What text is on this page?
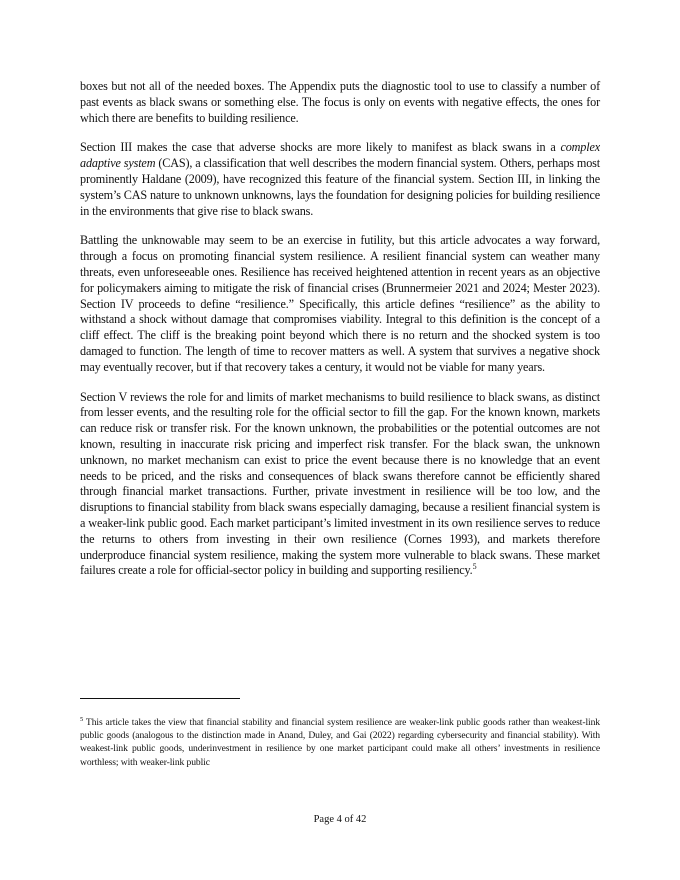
boxes but not all of the needed boxes. The Appendix puts the diagnostic tool to use to classify a number of past events as black swans or something else. The focus is only on events with negative effects, the ones for which there are benefits to building resilience.

Section III makes the case that adverse shocks are more likely to manifest as black swans in a complex adaptive system (CAS), a classification that well describes the modern financial system. Others, perhaps most prominently Haldane (2009), have recognized this feature of the financial system. Section III, in linking the system’s CAS nature to unknown unknowns, lays the foundation for designing policies for building resilience in the environments that give rise to black swans.

Battling the unknowable may seem to be an exercise in futility, but this article advocates a way forward, through a focus on promoting financial system resilience. A resilient financial system can weather many threats, even unforeseeable ones. Resilience has received heightened attention in recent years as an objective for policymakers aiming to mitigate the risk of financial crises (Brunnermeier 2021 and 2024; Mester 2023). Section IV proceeds to define “resilience.” Specifically, this article defines “resilience” as the ability to withstand a shock without damage that compromises viability. Integral to this definition is the concept of a cliff effect. The cliff is the breaking point beyond which there is no return and the shocked system is too damaged to function. The length of time to recover matters as well. A system that survives a negative shock may eventually recover, but if that recovery takes a century, it would not be viable for many years.

Section V reviews the role for and limits of market mechanisms to build resilience to black swans, as distinct from lesser events, and the resulting role for the official sector to fill the gap. For the known known, markets can reduce risk or transfer risk. For the known unknown, the probabilities or the potential outcomes are not known, resulting in inaccurate risk pricing and imperfect risk transfer. For the black swan, the unknown unknown, no market mechanism can exist to price the event because there is no knowledge that an event needs to be priced, and the risks and consequences of black swans therefore cannot be efficiently shared through financial market transactions. Further, private investment in resilience will be too low, and the disruptions to financial stability from black swans especially damaging, because a resilient financial system is a weaker-link public good. Each market participant’s limited investment in its own resilience serves to reduce the returns to others from investing in their own resilience (Cornes 1993), and markets therefore underproduce financial system resilience, making the system more vulnerable to black swans. These market failures create a role for official-sector policy in building and supporting resiliency.$^5$

$^5$ This article takes the view that financial stability and financial system resilience are weaker-link public goods rather than weakest-link public goods (analogous to the distinction made in Anand, Duley, and Gai (2022) regarding cybersecurity and financial stability). With weakest-link public goods, underinvestment in resilience by one market participant could make all others’ investments in resilience worthless; with weaker-link public

Page 4 of 42
